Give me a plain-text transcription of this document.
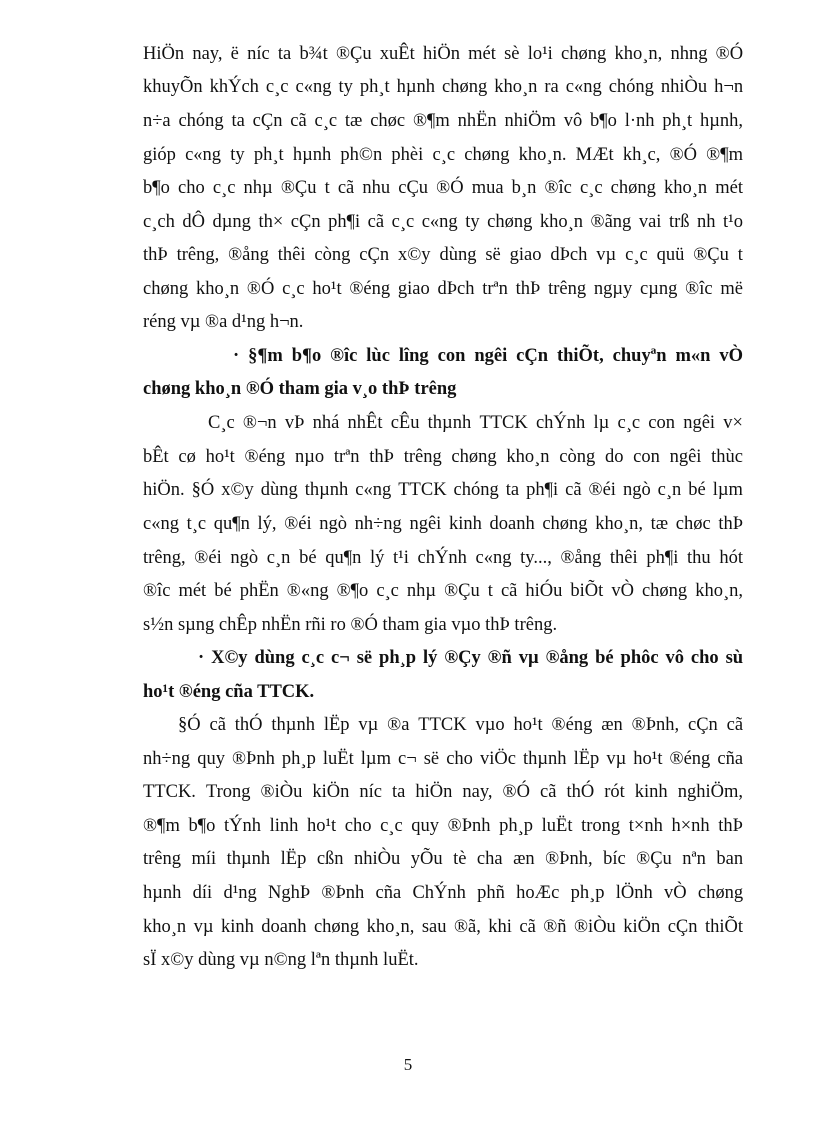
HiÖn nay, ë níc ta b¾t ®Çu xuÊt hiÖn mét sè lo¹i chøng kho¸n, nhng ®Ó
khuyÕn khÝch c¸c c«ng ty ph¸t hµnh chøng kho¸n ra c«ng chóng nhiÒu h¬n
n÷a chóng ta cÇn cã c¸c tæ chøc ®¶m nhËn nhiÖm vô b¶o l·nh ph¸t hµnh,
gióp c«ng ty ph¸t hµnh ph©n phèi c¸c chøng kho¸n. MÆt kh¸c, ®Ó ®¶m
b¶o cho c¸c nhµ ®Çu t cã nhu cÇu ®Ó mua b¸n ®îc c¸c chøng kho¸n mét
c¸ch dÔ dµng th× cÇn ph¶i cã c¸c c«ng ty chøng kho¸n ®ãng vai trß nh t¹o
thÞ trêng, ®ång thêi còng cÇn x©y dùng së giao dÞch vµ c¸c quü ®Çu t
chøng kho¸n ®Ó c¸c ho¹t ®éng giao dÞch trªn thÞ trêng ngµy cµng ®îc më
réng vµ ®a d¹ng h¬n.
· §¶m b¶o ®îc lùc lîng con ngêi cÇn thiÕt, chuyªn m«n vÒ
chøng kho¸n ®Ó tham gia v¸o thÞ trêng
C¸c ®¬n vÞ nhá nhÊt cÊu thµnh TTCK chÝnh lµ c¸c con ngêi v×
bÊt cø ho¹t ®éng nµo trªn thÞ trêng chøng kho¸n còng do con ngêi thùc
hiÖn. §Ó x©y dùng thµnh c«ng TTCK chóng ta ph¶i cã ®éi ngò c¸n bé lµm
c«ng t¸c qu¶n lý, ®éi ngò nh÷ng ngêi kinh doanh chøng kho¸n, tæ chøc thÞ
trêng, ®éi ngò c¸n bé qu¶n lý t¹i chÝnh c«ng ty..., ®ång thêi ph¶i thu hót
®îc mét bé phËn ®«ng ®¶o c¸c nhµ ®Çu t cã hiÓu biÕt vÒ chøng kho¸n,
s½n sµng chÊp nhËn rñi ro ®Ó tham gia vµo thÞ trêng.
· X©y dùng c¸c c¬ së ph¸p lý ®Çy ®ñ vµ ®ång bé phôc vô cho sù
ho¹t ®éng cña TTCK.
§Ó cã thÓ thµnh lËp vµ ®a TTCK vµo ho¹t ®éng æn ®Þnh, cÇn cã
nh÷ng quy ®Þnh ph¸p luËt lµm c¬ së cho viÖc thµnh lËp vµ ho¹t ®éng cña
TTCK. Trong ®iÒu kiÖn níc ta hiÖn nay, ®Ó cã thÓ rót kinh nghiÖm,
®¶m b¶o tÝnh linh ho¹t cho c¸c quy ®Þnh ph¸p luËt trong t×nh h×nh thÞ
trêng míi thµnh lËp cßn nhiÒu yÕu tè cha æn ®Þnh, bíc ®Çu nªn ban
hµnh díi d¹ng NghÞ ®Þnh cña ChÝnh phñ hoÆc ph¸p lÖnh vÒ chøng
kho¸n vµ kinh doanh chøng kho¸n, sau ®ã, khi cã ®ñ ®iÒu kiÖn cÇn thiÕt
sÏ x©y dùng vµ n©ng lªn thµnh luËt.
5
